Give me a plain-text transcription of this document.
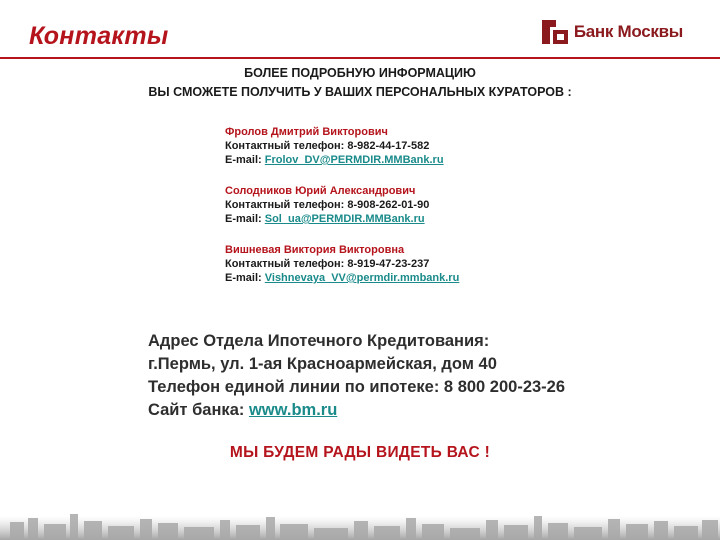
Контакты	Банк Москвы
БОЛЕЕ ПОДРОБНУЮ ИНФОРМАЦИЮ
ВЫ СМОЖЕТЕ ПОЛУЧИТЬ У ВАШИХ ПЕРСОНАЛЬНЫХ КУРАТОРОВ :
Фролов Дмитрий Викторович
Контактный телефон: 8-982-44-17-582
E-mail: Frolov_DV@PERMDIR.MMBank.ru
Солодников Юрий Александрович
Контактный телефон: 8-908-262-01-90
E-mail: Sol_ua@PERMDIR.MMBank.ru
Вишневая Виктория Викторовна
Контактный телефон: 8-919-47-23-237
E-mail: Vishnevaya_VV@permdir.mmbank.ru
Адрес Отдела Ипотечного Кредитования:
г.Пермь, ул. 1-ая Красноармейская, дом 40
Телефон единой линии по ипотеке: 8 800 200-23-26
Сайт банка: www.bm.ru
МЫ БУДЕМ РАДЫ ВИДЕТЬ ВАС !
